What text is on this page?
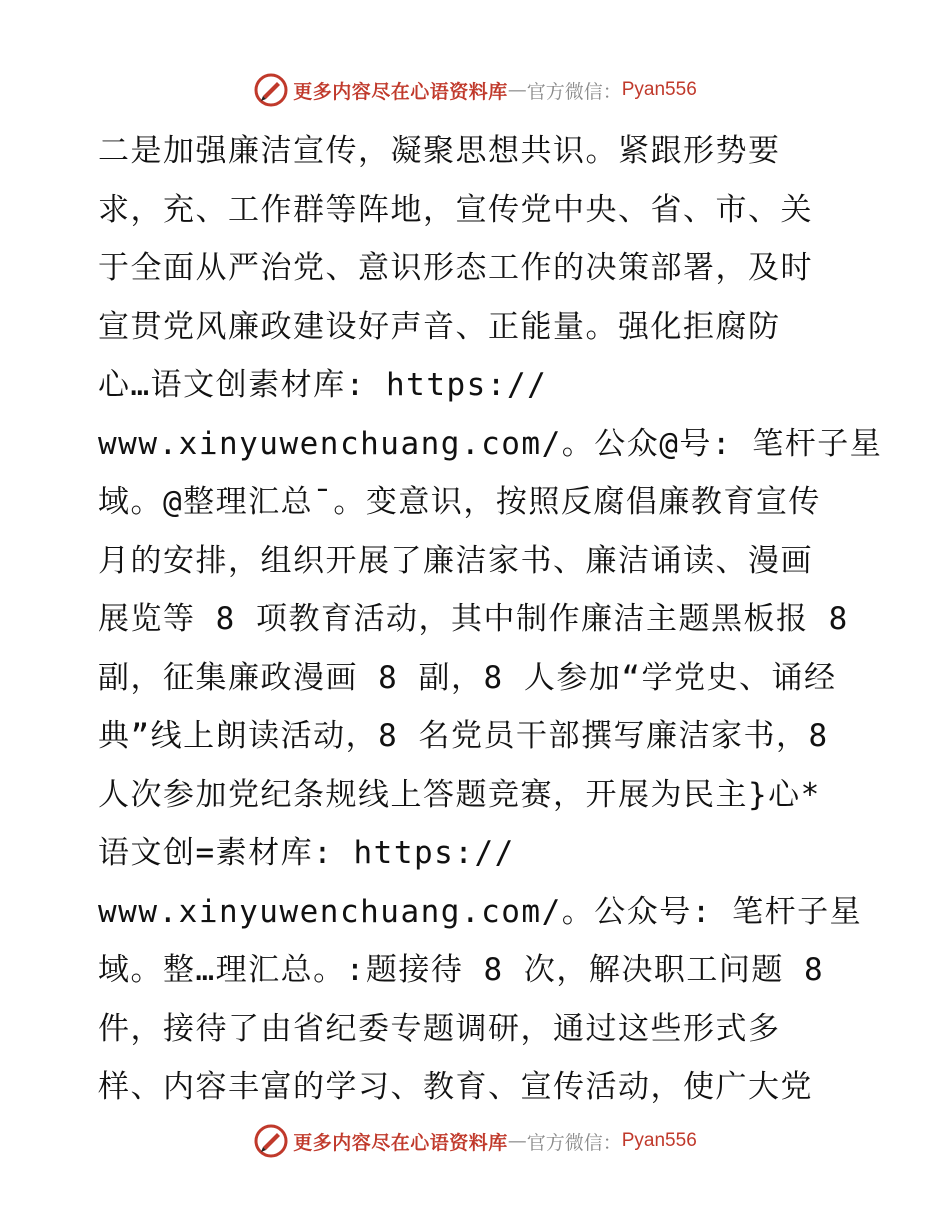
更多内容尽在心语资料库 — 官方微信： Pyan556
二是加强廉洁宣传，凝聚思想共识。紧跟形势要
求，充、工作群等阵地，宣传党中央、省、市、关
于全面从严治党、意识形态工作的决策部署，及时
宣贯党风廉政建设好声音、正能量。强化拒腐防
心…语文创素材库: https://
www.xinyuwenchuang.com/。公众@号: 笔杆子星
域。@整理汇总¯。变意识，按照反腐倡廉教育宣传
月的安排，组织开展了廉洁家书、廉洁诵读、漫画
展览等 8 项教育活动，其中制作廉洁主题黑板报 8
副，征集廉政漫画 8 副，8 人参加“学党史、诵经
典”线上朗读活动，8 名党员干部撰写廉洁家书，8
人次参加党纪条规线上答题竞赛，开展为民主}心*
语文创=素材库: https://
www.xinyuwenchuang.com/。公众号: 笔杆子星
域。整…理汇总。:题接待 8 次，解决职工问题 8
件，接待了由省纪委专题调研，通过这些形式多
样、内容丰富的学习、教育、宣传活动，使广大党
更多内容尽在心语资料库 — 官方微信： Pyan556
